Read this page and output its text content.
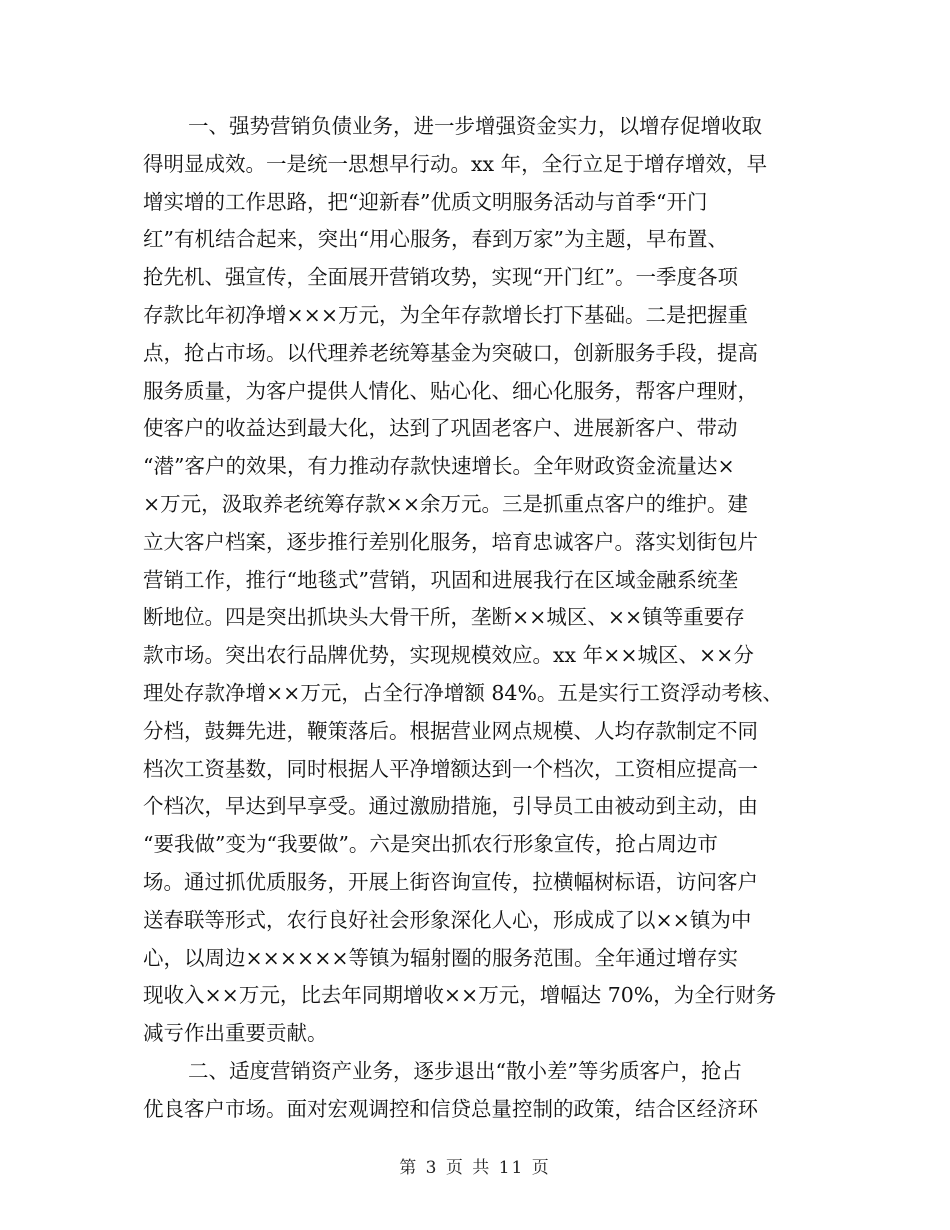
一、强势营销负债业务，进一步增强资金实力，以增存促增收取
得明显成效。一是统一思想早行动。xx 年，全行立足于增存增效，早
增实增的工作思路，把“迎新春”优质文明服务活动与首季“开门
红”有机结合起来，突出“用心服务，春到万家”为主题，早布置、
抢先机、强宣传，全面展开营销攻势，实现“开门红”。一季度各项
存款比年初净增×××万元，为全年存款增长打下基础。二是把握重
点，抢占市场。以代理养老统筹基金为突破口，创新服务手段，提高
服务质量，为客户提供人情化、贴心化、细心化服务，帮客户理财，
使客户的收益达到最大化，达到了巩固老客户、进展新客户、带动
“潜”客户的效果，有力推动存款快速增长。全年财政资金流量达×
×万元，汲取养老统筹存款××余万元。三是抓重点客户的维护。建
立大客户档案，逐步推行差别化服务，培育忠诚客户。落实划街包片
营销工作，推行“地毯式”营销，巩固和进展我行在区域金融系统垄
断地位。四是突出抓块头大骨干所，垄断××城区、××镇等重要存
款市场。突出农行品牌优势，实现规模效应。xx 年××城区、××分
理处存款净增××万元，占全行净增额 84%。五是实行工资浮动考核、
分档，鼓舞先进，鞭策落后。根据营业网点规模、人均存款制定不同
档次工资基数，同时根据人平净增额达到一个档次，工资相应提高一
个档次，早达到早享受。通过激励措施，引导员工由被动到主动，由
“要我做”变为“我要做”。六是突出抓农行形象宣传，抢占周边市
场。通过抓优质服务，开展上街咨询宣传，拉横幅树标语，访问客户
送春联等形式，农行良好社会形象深化人心，形成成了以××镇为中
心，以周边××××××等镇为辐射圈的服务范围。全年通过增存实
现收入××万元，比去年同期增收××万元，增幅达 70%，为全行财务
减亏作出重要贡献。
二、适度营销资产业务，逐步退出“散小差”等劣质客户，抢占
优良客户市场。面对宏观调控和信贷总量控制的政策，结合区经济环
第 3 页 共 11 页
